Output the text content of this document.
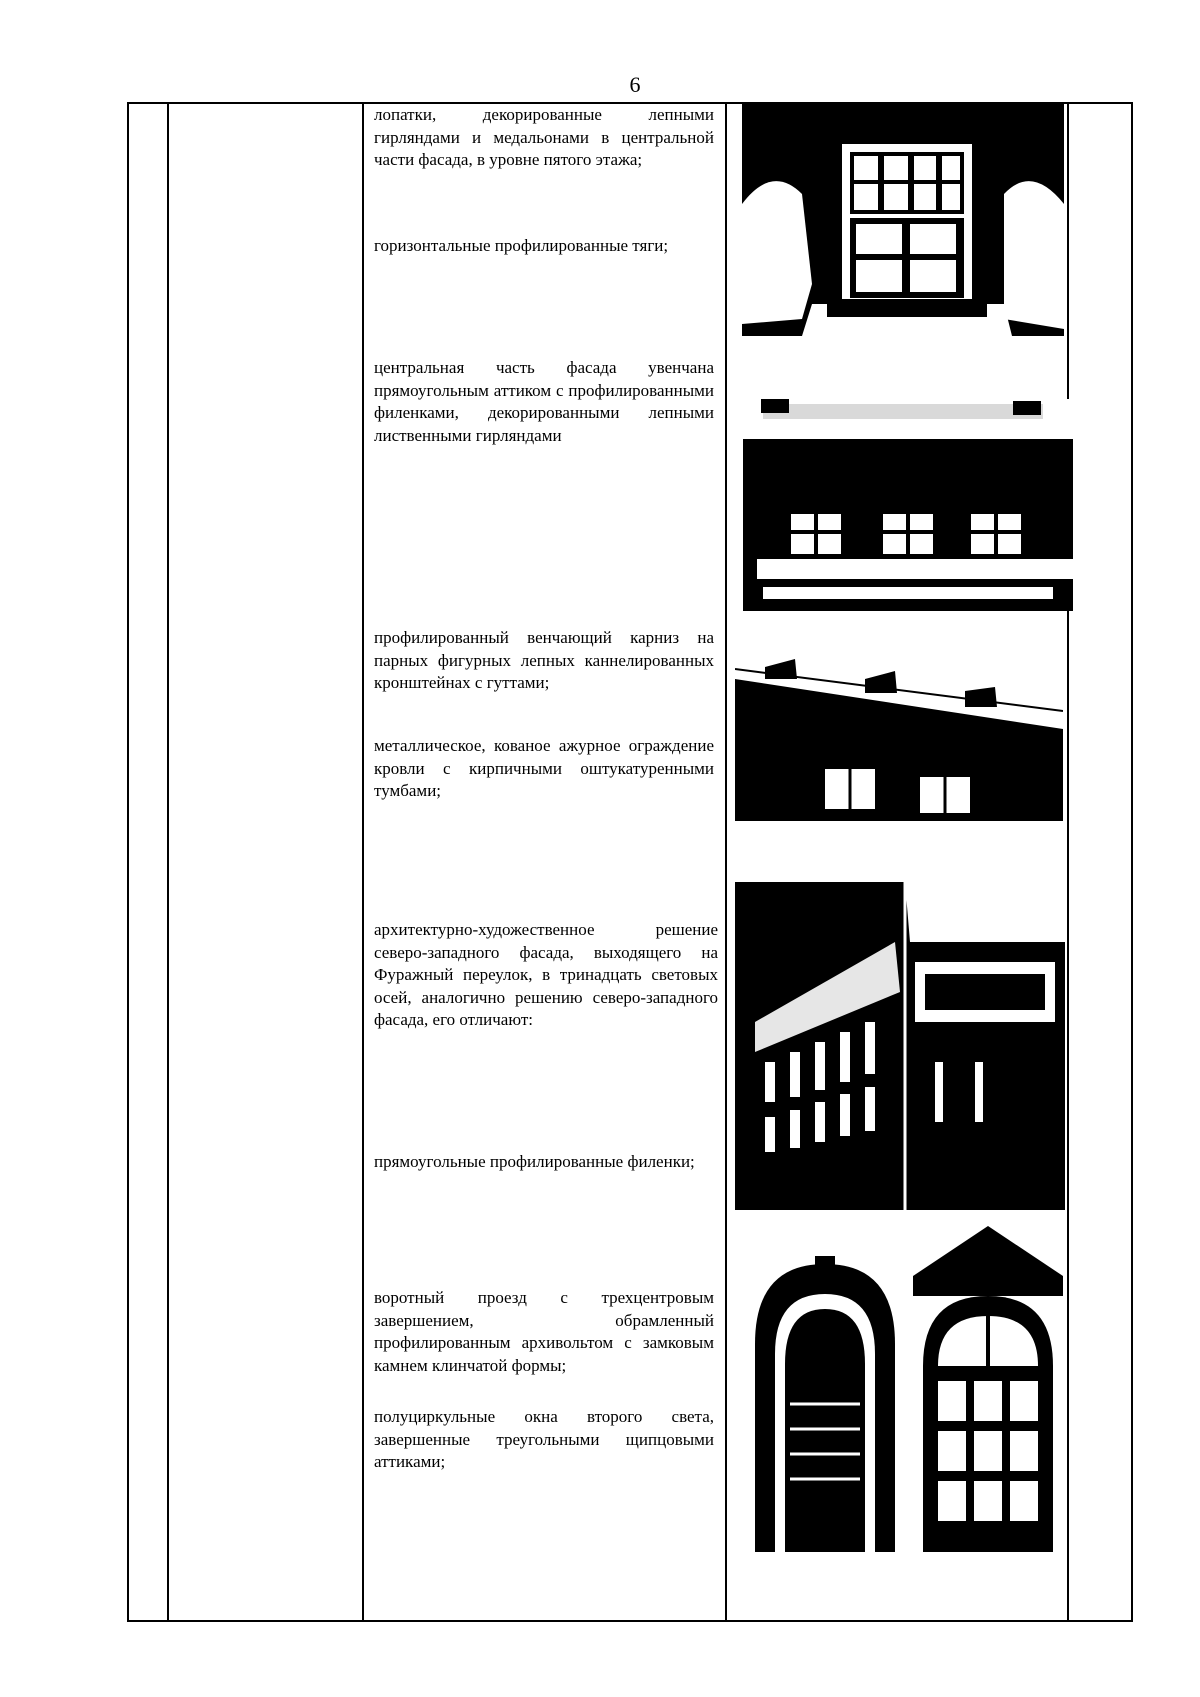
6
лопатки, декорированные лепными гирляндами и медальонами в центральной части фасада, в уровне пятого этажа;
горизонтальные профилированные тяги;
центральная часть фасада увенчана прямоугольным аттиком с профилированными филенками, декорированными лепными лиственными гирляндами
профилированный венчающий карниз на парных фигурных лепных каннелированных кронштейнах с гуттами;
металлическое, кованое ажурное ограждение кровли с кирпичными оштукатуренными тумбами;
архитектурно-художественное решение северо-западного фасада, выходящего на Фуражный переулок, в тринадцать световых осей, аналогично решению северо-западного фасада, его отличают:
прямоугольные профилированные филенки;
воротный проезд с трехцентровым завершением, обрамленный профилированным архивольтом с замковым камнем клинчатой формы;
полуциркульные окна второго света, завершенные треугольными щипцовыми аттиками;
